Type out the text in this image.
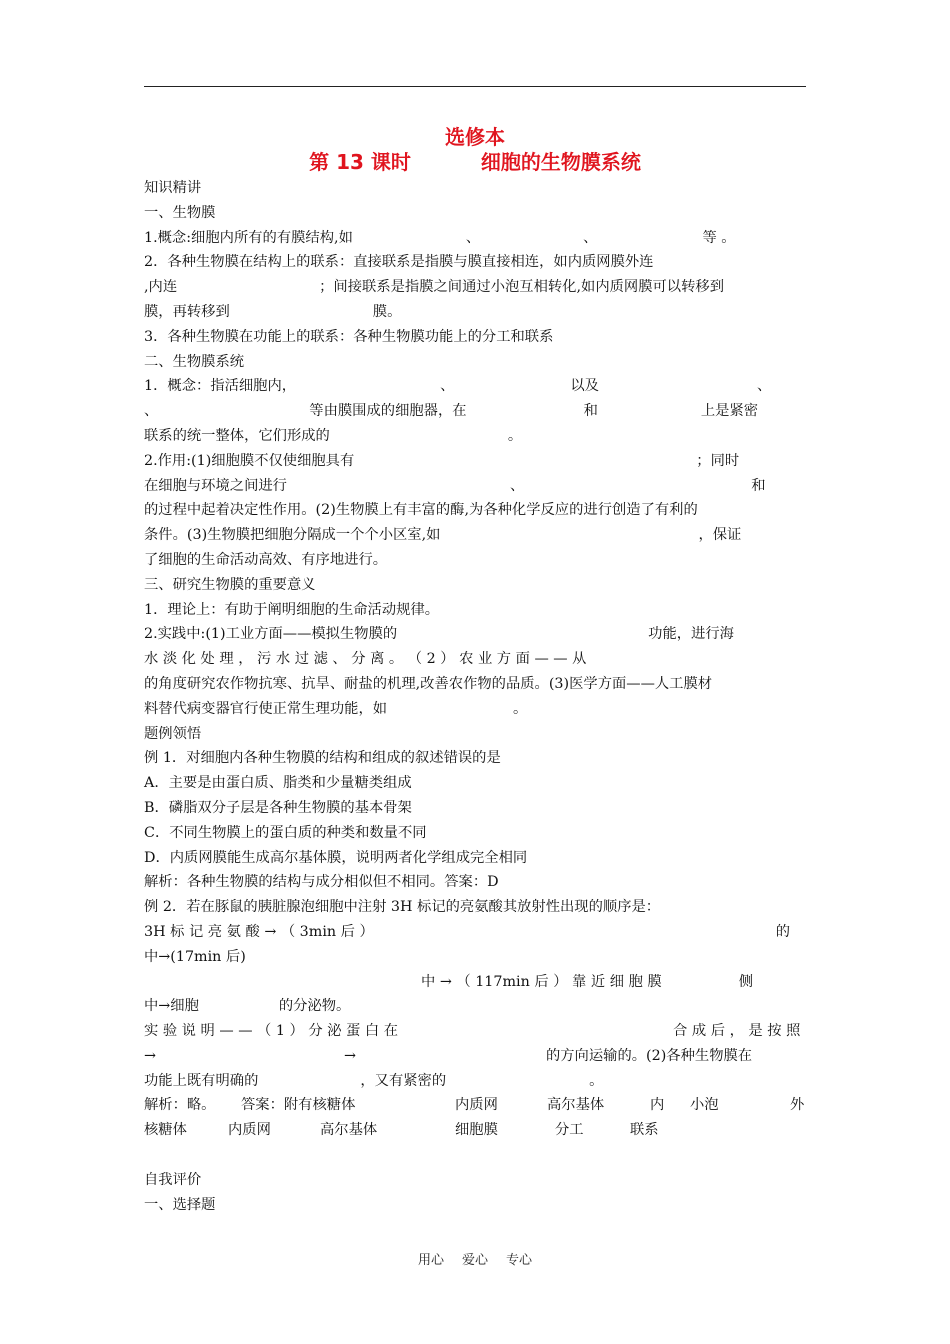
选修本
第 13 课时	细胞的生物膜系统
知识精讲
一、生物膜
1.概念:细胞内所有的有膜结构,如	、	、	等 。
2．各种生物膜在结构上的联系：直接联系是指膜与膜直接相连，如内质网膜外连
,内连	；间接联系是指膜之间通过小泡互相转化,如内质网膜可以转移到
膜，再转移到	膜。
3．各种生物膜在功能上的联系：各种生物膜功能上的分工和联系
二、生物膜系统
1．概念：指活细胞内，	、	以及	、
、	等由膜围成的细胞器，在	和	上是紧密
联系的统一整体，它们形成的	。
2.作用:(1)细胞膜不仅使细胞具有	；同时
在细胞与环境之间进行	、	和
的过程中起着决定性作用。(2)生物膜上有丰富的酶,为各种化学反应的进行创造了有利的
条件。(3)生物膜把细胞分隔成一个个小区室,如	，保证
了细胞的生命活动高效、有序地进行。
三、研究生物膜的重要意义
1．理论上：有助于阐明细胞的生命活动规律。
2.实践中:(1)工业方面——模拟生物膜的	功能，进行海
水 淡 化 处 理 ， 污 水 过 滤 、 分 离 。 （ 2 ） 农 业 方 面 — — 从
的角度研究农作物抗寒、抗旱、耐盐的机理,改善农作物的品质。(3)医学方面——人工膜材
料替代病变器官行使正常生理功能，如	。
题例领悟
例 1．对细胞内各种生物膜的结构和组成的叙述错误的是
A．主要是由蛋白质、脂类和少量糖类组成
B．磷脂双分子层是各种生物膜的基本骨架
C．不同生物膜上的蛋白质的种类和数量不同
D．内质网膜能生成高尔基体膜，说明两者化学组成完全相同
解析：各种生物膜的结构与成分相似但不相同。答案：D
例 2．若在豚鼠的胰脏腺泡细胞中注射 3H 标记的亮氨酸其放射性出现的顺序是：
3H 标 记 亮 氨 酸 → （ 3min 后 ）	的
中→(17min 后)
中 → （ 117min 后 ） 靠 近 细 胞 膜	侧
中→细胞	的分泌物。
实 验 说 明 — — （ 1 ） 分 泌 蛋 白 在	合 成 后 ， 是 按 照
→	→	的方向运输的。(2)各种生物膜在
功能上既有明确的	，又有紧密的	。
解析：略。 答案：附有核糖体	内质网	高尔基体	内 小泡	外
核糖体	内质网	高尔基体	细胞膜	分工	联系
自我评价
一、选择题
用心 爱心 专心
